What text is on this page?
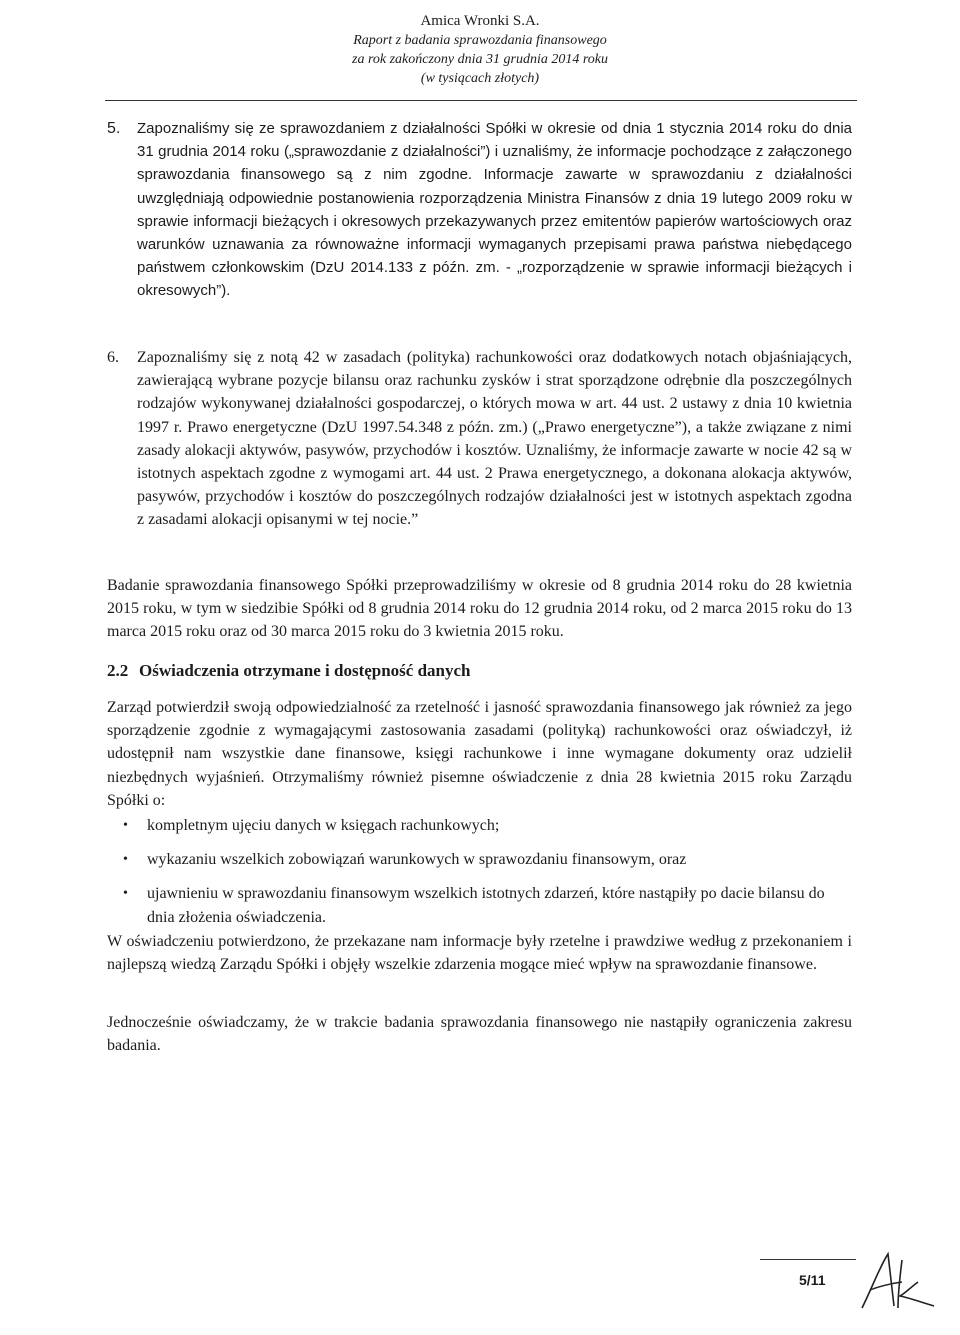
Amica Wronki S.A.
Raport z badania sprawozdania finansowego
za rok zakończony dnia 31 grudnia 2014 roku
(w tysiącach złotych)
5. Zapoznaliśmy się ze sprawozdaniem z działalności Spółki w okresie od dnia 1 stycznia 2014 roku do dnia 31 grudnia 2014 roku („sprawozdanie z działalności”) i uznaliśmy, że informacje pochodzące z załączonego sprawozdania finansowego są z nim zgodne. Informacje zawarte w sprawozdaniu z działalności uwzględniają odpowiednie postanowienia rozporządzenia Ministra Finansów z dnia 19 lutego 2009 roku w sprawie informacji bieżących i okresowych przekazywanych przez emitentów papierów wartościowych oraz warunków uznawania za równoważne informacji wymaganych przepisami prawa państwa niebędącego państwem członkowskim (DzU 2014.133 z późn. zm. - „rozporządzenie w sprawie informacji bieżących i okresowych”).
6. Zapoznaliśmy się z notą 42 w zasadach (polityka) rachunkowości oraz dodatkowych notach objaśniających, zawierającą wybrane pozycje bilansu oraz rachunku zysków i strat sporządzone odrębnie dla poszczególnych rodzajów wykonywanej działalności gospodarczej, o których mowa w art. 44 ust. 2 ustawy z dnia 10 kwietnia 1997 r. Prawo energetyczne (DzU 1997.54.348 z późn. zm.) („Prawo energetyczne”), a także związane z nimi zasady alokacji aktywów, pasywów, przychodów i kosztów. Uznaliśmy, że informacje zawarte w nocie 42 są w istotnych aspektach zgodne z wymogami art. 44 ust. 2 Prawa energetycznego, a dokonana alokacja aktywów, pasywów, przychodów i kosztów do poszczególnych rodzajów działalności jest w istotnych aspektach zgodna z zasadami alokacji opisanymi w tej nocie.”
Badanie sprawozdania finansowego Spółki przeprowadziliśmy w okresie od 8 grudnia 2014 roku do 28 kwietnia 2015 roku, w tym w siedzibie Spółki od 8 grudnia 2014 roku do 12 grudnia 2014 roku, od 2 marca 2015 roku do 13 marca 2015 roku oraz od 30 marca 2015 roku do 3 kwietnia 2015 roku.
2.2 Oświadczenia otrzymane i dostępność danych
Zarząd potwierdził swoją odpowiedzialność za rzetelność i jasność sprawozdania finansowego jak również za jego sporządzenie zgodnie z wymagającymi zastosowania zasadami (polityką) rachunkowości oraz oświadczył, iż udostępnił nam wszystkie dane finansowe, księgi rachunkowe i inne wymagane dokumenty oraz udzielił niezbędnych wyjaśnień. Otrzymaliśmy również pisemne oświadczenie z dnia 28 kwietnia 2015 roku Zarządu Spółki o:
• kompletnym ujęciu danych w księgach rachunkowych;
• wykazaniu wszelkich zobowiązań warunkowych w sprawozdaniu finansowym, oraz
• ujawnieniu w sprawozdaniu finansowym wszelkich istotnych zdarzeń, które nastąpiły po dacie bilansu do dnia złożenia oświadczenia.
W oświadczeniu potwierdzono, że przekazane nam informacje były rzetelne i prawdziwe według z przekonaniem i najlepszą wiedzą Zarządu Spółki i objęły wszelkie zdarzenia mogące mieć wpływ na sprawozdanie finansowe.
Jednocześnie oświadczamy, że w trakcie badania sprawozdania finansowego nie nastąpiły ograniczenia zakresu badania.
5/11
